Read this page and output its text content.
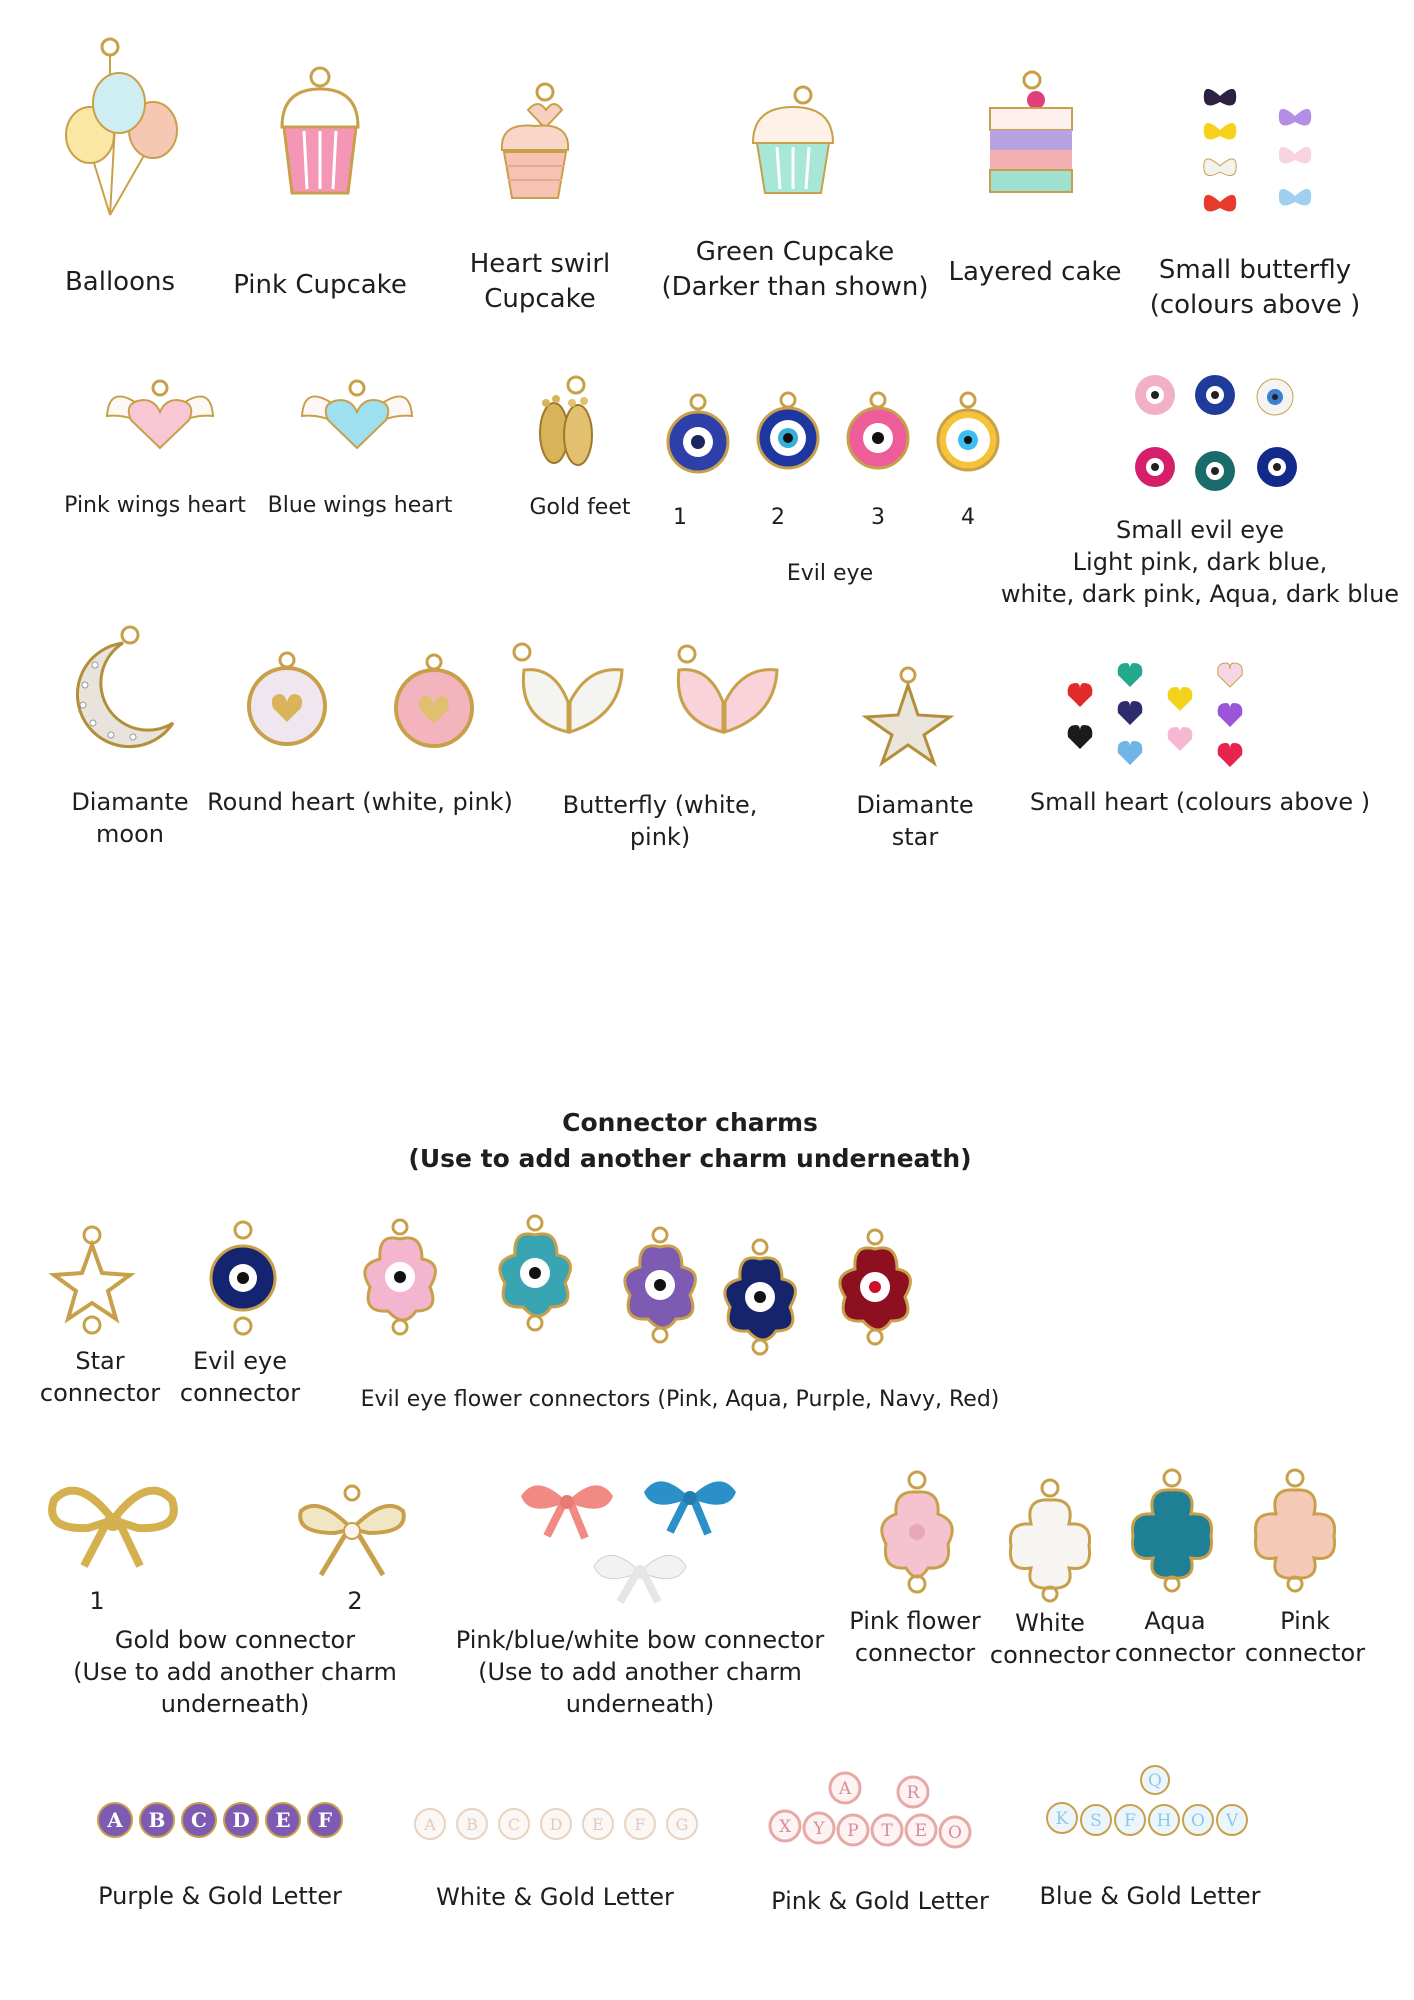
Balloons	Pink Cupcake
Heart swirl
Cupcake
Green Cupcake
(Darker than shown) Layered cake	Small butterfly
(colours above )
Pink wings heart Blue wings heart	Gold feet	1	2	3	4
Evil eye
Small evil eye
Light pink, dark blue,
white, dark pink, Aqua, dark blue
Diamante
moon
Round heart (white, pink)	Butterfly (white, pink)
Diamante
star
Small heart (colours above )
Connector charms
(Use to add another charm underneath)
Star
connector
Evil eye
connector	Evil eye flower connectors (Pink, Aqua, Purple, Navy, Red)
1	2
Gold bow connector
(Use to add another charm
underneath)
Pink/blue/white bow connector
(Use to add another charm
underneath)
Pink flower
connector
White
connector
Aqua
connector
Pink
connector
A B C D E F
Purple & Gold Letter
A B C D E F G
White & Gold Letter
A	R
X Y P T E O
Pink & Gold Letter
Q
K S F H O V
Blue & Gold Letter
